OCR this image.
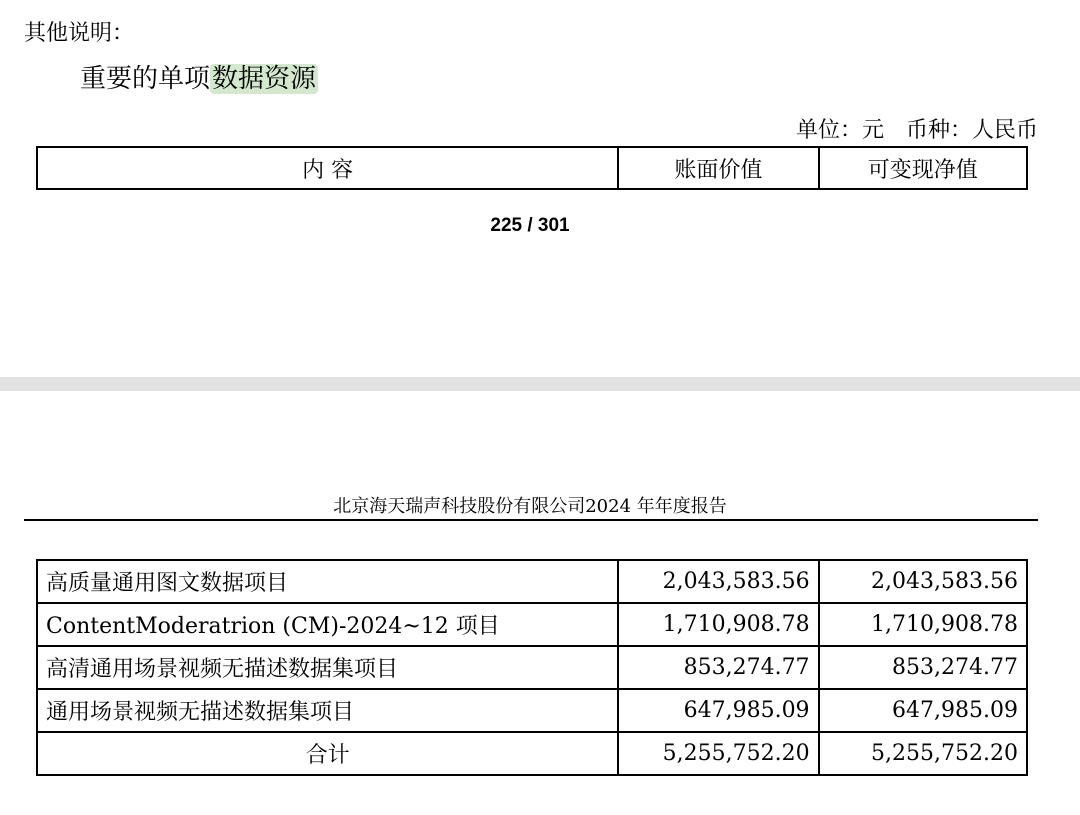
其他说明：
重要的单项数据资源
单位：元　币种：人民币
内 容	账面价值	可变现净值
225 / 301
北京海天瑞声科技股份有限公司2024 年年度报告
高质量通用图文数据项目	2,043,583.56	2,043,583.56
ContentModeratrion (CM)-2024~12 项目	1,710,908.78	1,710,908.78
高清通用场景视频无描述数据集项目	853,274.77	853,274.77
通用场景视频无描述数据集项目	647,985.09	647,985.09
合计	5,255,752.20	5,255,752.20
